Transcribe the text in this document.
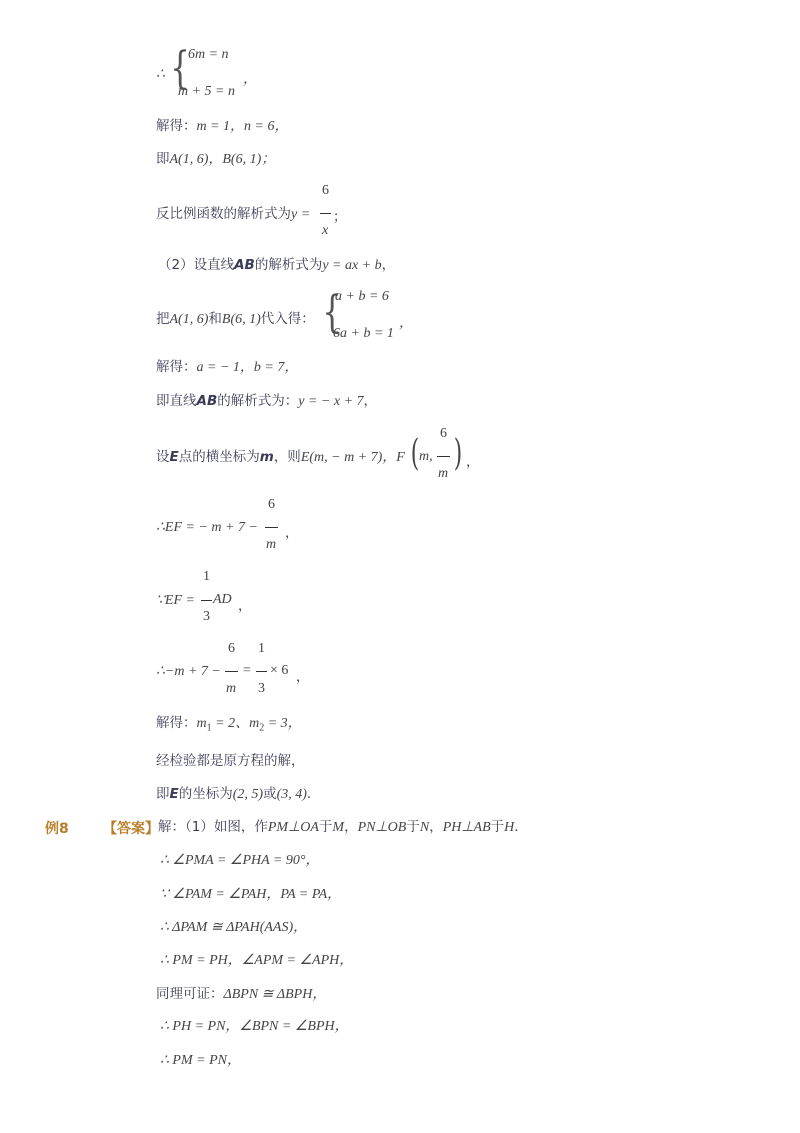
∴ {
6m = n
m + 5 = n
，
解得：m = 1，n = 6，
即A(1, 6)，B(6, 1)；
反比例函数的解析式为y =
6
x
；
（2）设直线AB的解析式为y = ax + b，
把A(1, 6)和B(6, 1)代入得： {
a + b = 6
6a + b = 1
，
解得：a = − 1，b = 7，
即直线AB的解析式为：y = − x + 7，
设E点的横坐标为m，则E(m, − m + 7)，F ( m,
6
m ) ，
∴EF = − m + 7 −
6
m
，
∵EF =
1
3
AD ，
∴−m + 7 −
6
m
=
1
3
× 6 ，
解得：$m_1 = 2$、$m_2 = 3$，
经检验都是原方程的解，
即E的坐标为(2, 5)或(3, 4)．
例8 【答案】 解：（1）如图，作PM⊥OA于M，PN⊥OB于N，PH⊥AB于H．
∴ ∠PMA = ∠PHA = 90°，
∵ ∠PAM = ∠PAH，PA = PA，
∴ ΔPAM ≅ ΔPAH(AAS)，
∴ PM = PH，∠APM = ∠APH，
同理可证：ΔBPN ≅ ΔBPH，
∴ PH = PN，∠BPN = ∠BPH，
∴ PM = PN，
